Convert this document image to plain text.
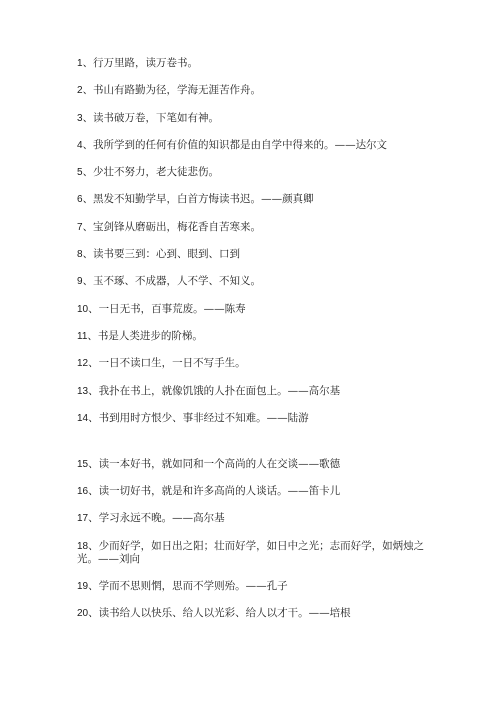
1、行万里路，读万卷书。

2、书山有路勤为径，学海无涯苦作舟。

3、读书破万卷，下笔如有神。

4、我所学到的任何有价值的知识都是由自学中得来的。——达尔文

5、少壮不努力，老大徒悲伤。

6、黑发不知勤学早，白首方悔读书迟。——颜真卿

7、宝剑锋从磨砺出，梅花香自苦寒来。

8、读书要三到：心到、眼到、口到

9、玉不琢、不成器，人不学、不知义。

10、一日无书，百事荒废。——陈寿

11、书是人类进步的阶梯。

12、一日不读口生，一日不写手生。

13、我扑在书上，就像饥饿的人扑在面包上。——高尔基

14、书到用时方恨少、事非经过不知难。——陆游

15、读一本好书，就如同和一个高尚的人在交谈——歌德

16、读一切好书，就是和许多高尚的人谈话。——笛卡儿

17、学习永远不晚。——高尔基

18、少而好学，如日出之阳；壮而好学，如日中之光；志而好学，如炳烛之光。——刘向

19、学而不思则惘，思而不学则殆。——孔子

20、读书给人以快乐、给人以光彩、给人以才干。——培根
